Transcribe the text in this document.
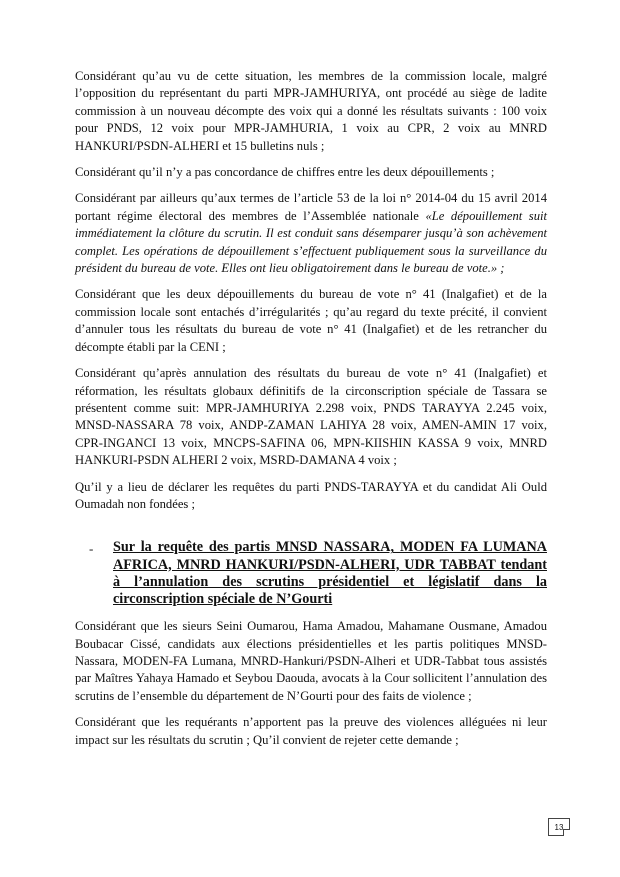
Considérant qu’au vu de cette situation, les membres de la commission locale, malgré l’opposition du représentant du parti MPR-JAMHURIYA, ont procédé au siège de ladite commission à un nouveau décompte des voix qui a donné les résultats suivants : 100 voix pour PNDS, 12 voix pour MPR-JAMHURIA, 1 voix au CPR, 2 voix au MNRD HANKURI/PSDN-ALHERI et 15 bulletins nuls ;

Considérant qu’il n’y a pas concordance de chiffres entre les deux dépouillements ;

Considérant par ailleurs qu’aux termes de l’article 53 de la loi n° 2014-04 du 15 avril 2014 portant régime électoral des membres de l’Assemblée nationale «Le dépouillement suit immédiatement la clôture du scrutin. Il est conduit sans désemparer jusqu’à son achèvement complet. Les opérations de dépouillement s’effectuent publiquement sous la surveillance du président du bureau de vote. Elles ont lieu obligatoirement dans le bureau de vote.» ;

Considérant que les deux dépouillements du bureau de vote n° 41 (Inalgafiet) et de la commission locale sont entachés d’irrégularités ; qu’au regard du texte précité, il convient d’annuler tous les résultats du bureau de vote n° 41 (Inalgafiet) et de les retrancher du décompte établi par la CENI ;

Considérant qu’après annulation des résultats du bureau de vote n° 41 (Inalgafiet) et réformation, les résultats globaux définitifs de la circonscription spéciale de Tassara se présentent comme suit: MPR-JAMHURIYA 2.298 voix, PNDS TARAYYA 2.245 voix, MNSD-NASSARA 78 voix, ANDP-ZAMAN LAHIYA 28 voix, AMEN-AMIN 17 voix, CPR-INGANCI 13 voix, MNCPS-SAFINA 06, MPN-KIISHIN KASSA 9 voix, MNRD HANKURI-PSDN ALHERI 2 voix, MSRD-DAMANA 4 voix ;

Qu’il y a lieu de déclarer les requêtes du parti PNDS-TARAYYA et du candidat Ali Ould Oumadah non fondées ;

-	Sur la requête des partis MNSD NASSARA, MODEN FA LUMANA AFRICA, MNRD HANKURI/PSDN-ALHERI, UDR TABBAT tendant à l’annulation des scrutins présidentiel et législatif dans la circonscription spéciale de N’Gourti

Considérant que les sieurs Seini Oumarou, Hama Amadou, Mahamane Ousmane, Amadou Boubacar Cissé, candidats aux élections présidentielles et les partis politiques MNSD-Nassara, MODEN-FA Lumana, MNRD-Hankuri/PSDN-Alheri et UDR-Tabbat tous assistés par Maîtres Yahaya Hamado et Seybou Daouda, avocats à la Cour sollicitent l’annulation des scrutins de l’ensemble du département de N’Gourti pour des faits de violence ;

Considérant que les requérants n’apportent pas la preuve des violences alléguées ni leur impact sur les résultats du scrutin ; Qu’il convient de rejeter cette demande ;

13
